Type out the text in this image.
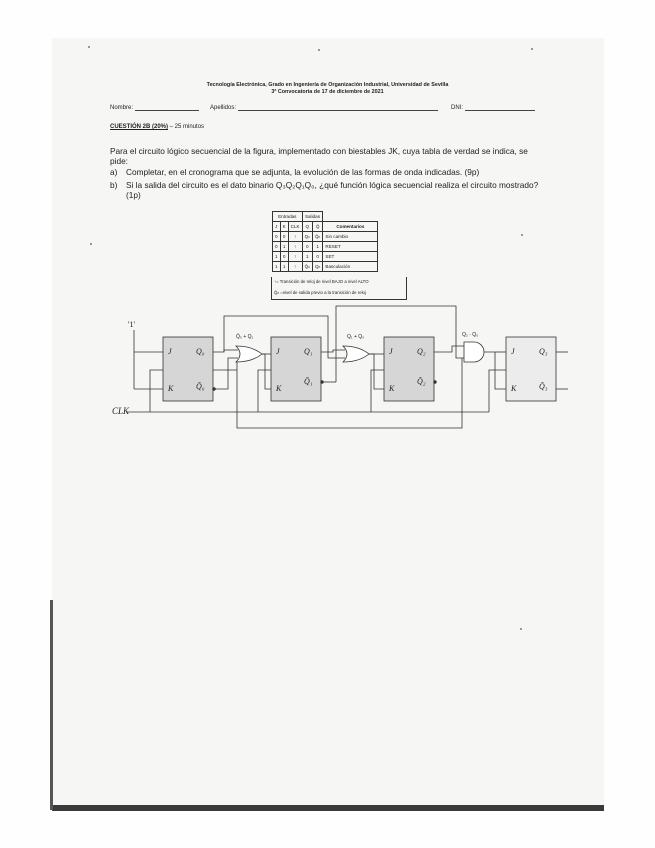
Tecnología Electrónica, Grado en Ingeniería de Organización Industrial, Universidad de Sevilla
3ª Convocatoria de 17 de diciembre de 2021
Nombre:	Apellidos:	DNI:
CUESTIÓN 2B (20%) – 25 minutos
Para el circuito lógico secuencial de la figura, implementado con biestables JK, cuya tabla de verdad se indica, se
pide:
a) Completar, en el cronograma que se adjunta, la evolución de las formas de onda indicadas. (9p)
b) Si la salida del circuito es el dato binario Q₃Q₂Q₁Q₀, ¿qué función lógica secuencial realiza el circuito mostrado?
(1p)
Entradas			Salidas		
J	K	CLK	Q	Q̄	Comentarios
0	0	↑	Qₙ	Q̄ₙ	Sin cambio
0	1	↑	0	1	RESET
1	0	↑	1	0	SET
1	1	↑	Q̄ₙ	Qₙ	Basculación
↑= Transición de reloj de nivel BAJO a nivel ALTO
Q̄ₙ =nivel de salida previo a la transición de reloj
'1'
CLK
Q̄₀ + Q₁	Q₁ + Q₀	Q₂ · Q₀
J
K
Q₀
Q̄₀
J
K
Q₁
Q̄₁
J
K
Q₂
Q̄₂
J
K
Q₃
Q̄₃
